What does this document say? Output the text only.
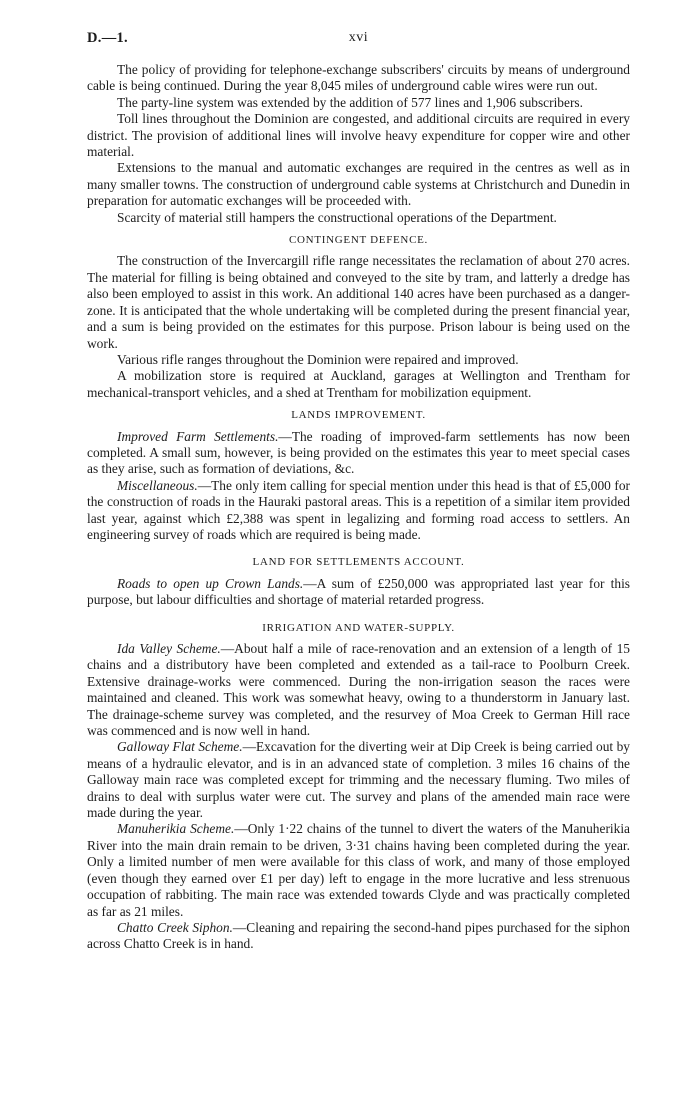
D.—1.	xvi

The policy of providing for telephone-exchange subscribers' circuits by means of underground cable is being continued. During the year 8,045 miles of underground cable wires were run out.

The party-line system was extended by the addition of 577 lines and 1,906 subscribers.

Toll lines throughout the Dominion are congested, and additional circuits are required in every district. The provision of additional lines will involve heavy expenditure for copper wire and other material.

Extensions to the manual and automatic exchanges are required in the centres as well as in many smaller towns. The construction of underground cable systems at Christchurch and Dunedin in preparation for automatic exchanges will be proceeded with.

Scarcity of material still hampers the constructional operations of the Department.

CONTINGENT DEFENCE.

The construction of the Invercargill rifle range necessitates the reclamation of about 270 acres. The material for filling is being obtained and conveyed to the site by tram, and latterly a dredge has also been employed to assist in this work. An additional 140 acres have been purchased as a danger-zone. It is anticipated that the whole undertaking will be completed during the present financial year, and a sum is being provided on the estimates for this purpose. Prison labour is being used on the work.

Various rifle ranges throughout the Dominion were repaired and improved.

A mobilization store is required at Auckland, garages at Wellington and Trentham for mechanical-transport vehicles, and a shed at Trentham for mobilization equipment.

LANDS IMPROVEMENT.

Improved Farm Settlements.—The roading of improved-farm settlements has now been completed. A small sum, however, is being provided on the estimates this year to meet special cases as they arise, such as formation of deviations, &c.

Miscellaneous.—The only item calling for special mention under this head is that of £5,000 for the construction of roads in the Hauraki pastoral areas. This is a repetition of a similar item provided last year, against which £2,388 was spent in legalizing and forming road access to settlers. An engineering survey of roads which are required is being made.

LAND FOR SETTLEMENTS ACCOUNT.

Roads to open up Crown Lands.—A sum of £250,000 was appropriated last year for this purpose, but labour difficulties and shortage of material retarded progress.

IRRIGATION AND WATER-SUPPLY.

Ida Valley Scheme.—About half a mile of race-renovation and an extension of a length of 15 chains and a distributory have been completed and extended as a tail-race to Poolburn Creek. Extensive drainage-works were commenced. During the non-irrigation season the races were maintained and cleaned. This work was somewhat heavy, owing to a thunderstorm in January last. The drainage-scheme survey was completed, and the resurvey of Moa Creek to German Hill race was commenced and is now well in hand.

Galloway Flat Scheme.—Excavation for the diverting weir at Dip Creek is being carried out by means of a hydraulic elevator, and is in an advanced state of completion. 3 miles 16 chains of the Galloway main race was completed except for trimming and the necessary fluming. Two miles of drains to deal with surplus water were cut. The survey and plans of the amended main race were made during the year.

Manuherikia Scheme.—Only 1·22 chains of the tunnel to divert the waters of the Manuherikia River into the main drain remain to be driven, 3·31 chains having been completed during the year. Only a limited number of men were available for this class of work, and many of those employed (even though they earned over £1 per day) left to engage in the more lucrative and less strenuous occupation of rabbiting. The main race was extended towards Clyde and was practically completed as far as 21 miles.

Chatto Creek Siphon.—Cleaning and repairing the second-hand pipes purchased for the siphon across Chatto Creek is in hand.
